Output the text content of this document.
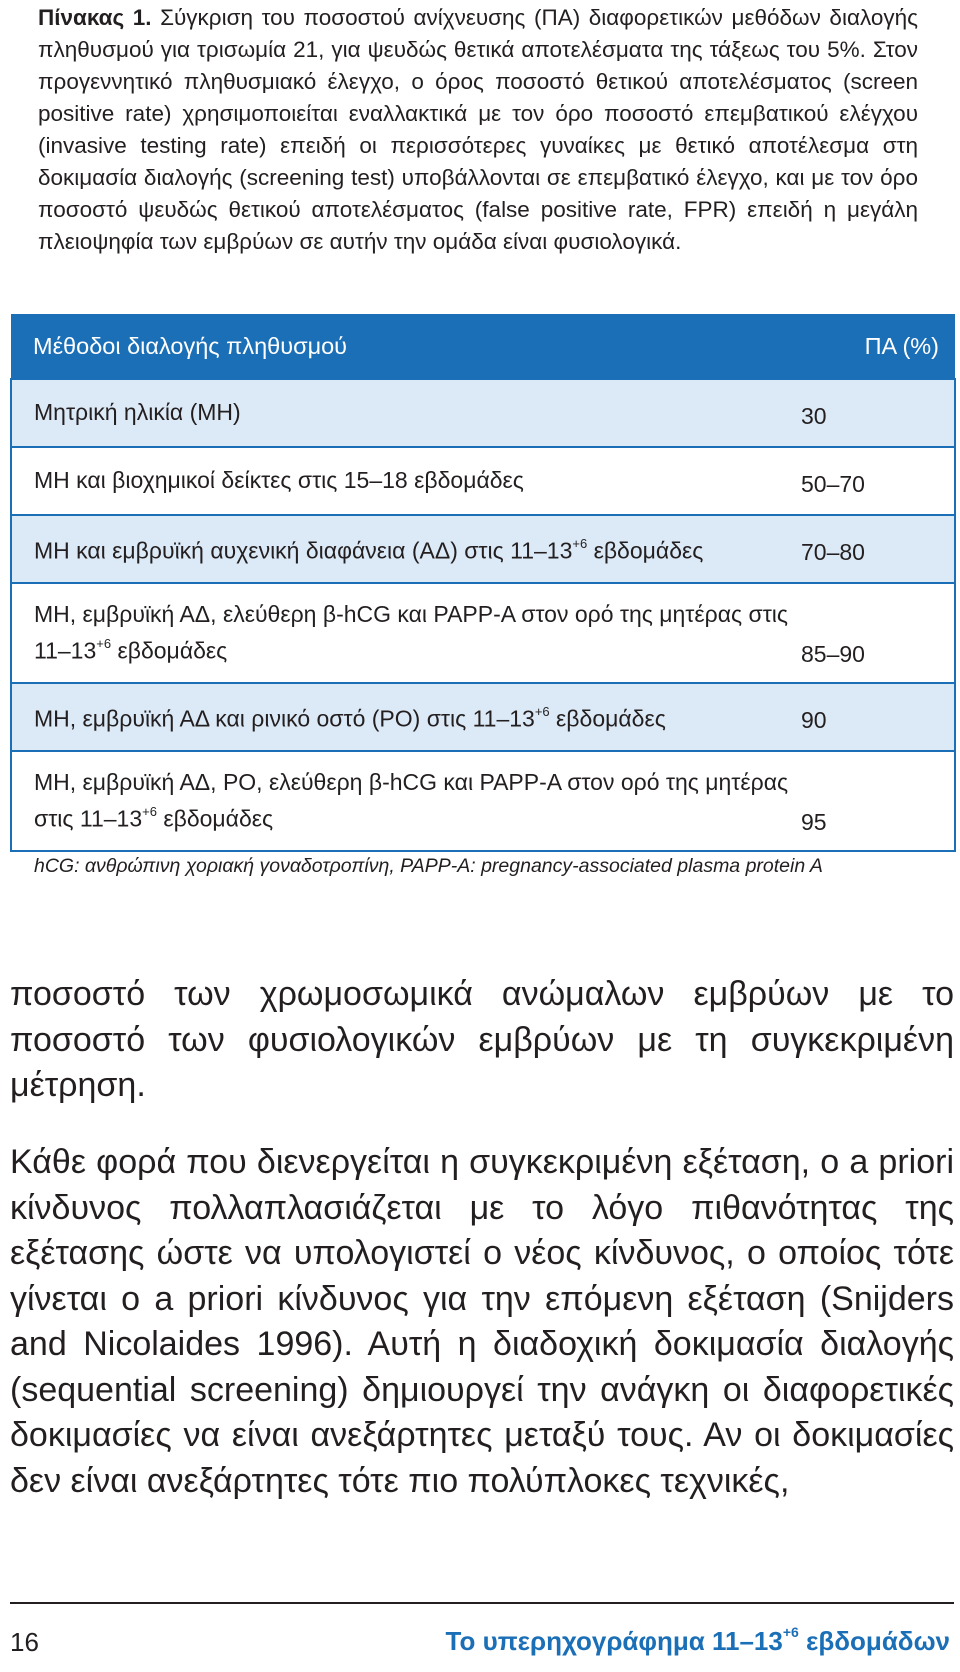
Πίνακας 1. Σύγκριση του ποσοστού ανίχνευσης (ΠΑ) διαφορετικών μεθόδων διαλογής πληθυσμού για τρισωμία 21, για ψευδώς θετικά αποτελέσματα της τάξεως του 5%. Στον προγεννητικό πληθυσμιακό έλεγχο, ο όρος ποσοστό θετικού αποτελέσματος (screen positive rate) χρησιμοποιείται εναλλακτικά με τον όρο ποσοστό επεμβατικού ελέγχου (invasive testing rate) επειδή οι περισσότερες γυναίκες με θετικό αποτέλεσμα στη δοκιμασία διαλογής (screening test) υποβάλλονται σε επεμβατικό έλεγχο, και με τον όρο ποσοστό ψευδώς θετικού αποτελέσματος (false positive rate, FPR) επειδή η μεγάλη πλειοψηφία των εμβρύων σε αυτήν την ομάδα είναι φυσιολογικά.

Μέθοδοι διαλογής πληθυσμού	ΠΑ (%)
Μητρική ηλικία (ΜΗ)	30

ΜΗ και βιοχημικοί δείκτες στις 15–18 εβδομάδες	50–70

ΜΗ και εμβρυϊκή αυχενική διαφάνεια (ΑΔ) στις $11-13^{+6}$ εβδομάδες	70–80

ΜΗ, εμβρυϊκή ΑΔ, ελεύθερη β-hCG και PAPP-A στον ορό της μητέρας στις $11-13^{+6}$ εβδομάδες	85–90

ΜΗ, εμβρυϊκή ΑΔ και ρινικό οστό (ΡΟ) στις $11-13^{+6}$ εβδομάδες	90

ΜΗ, εμβρυϊκή ΑΔ, ΡΟ, ελεύθερη β-hCG και PAPP-A στον ορό της μητέρας στις $11-13^{+6}$ εβδομάδες	95

hCG: ανθρώπινη χοριακή γοναδοτροπίνη, PAPP-A: pregnancy-associated plasma protein A

ποσοστό των χρωμοσωμικά ανώμαλων εμβρύων με το ποσοστό των φυσιολογικών εμβρύων με τη συγκεκριμένη μέτρηση.

Κάθε φορά που διενεργείται η συγκεκριμένη εξέταση, ο a priori κίνδυνος πολλαπλασιάζεται με το λόγο πιθανότητας της εξέτασης ώστε να υπολογιστεί ο νέος κίνδυνος, ο οποίος τότε γίνεται ο a priori κίνδυνος για την επόμενη εξέταση (Snijders and Nicolaides 1996). Αυτή η διαδοχική δοκιμασία διαλογής (sequential screening) δημιουργεί την ανάγκη οι διαφορετικές δοκιμασίες να είναι ανεξάρτητες μεταξύ τους. Αν οι δοκιμασίες δεν είναι ανεξάρτητες τότε πιο πολύπλοκες τεχνικές,

16	Το υπερηχογράφημα $11-13^{+6}$ εβδομάδων
